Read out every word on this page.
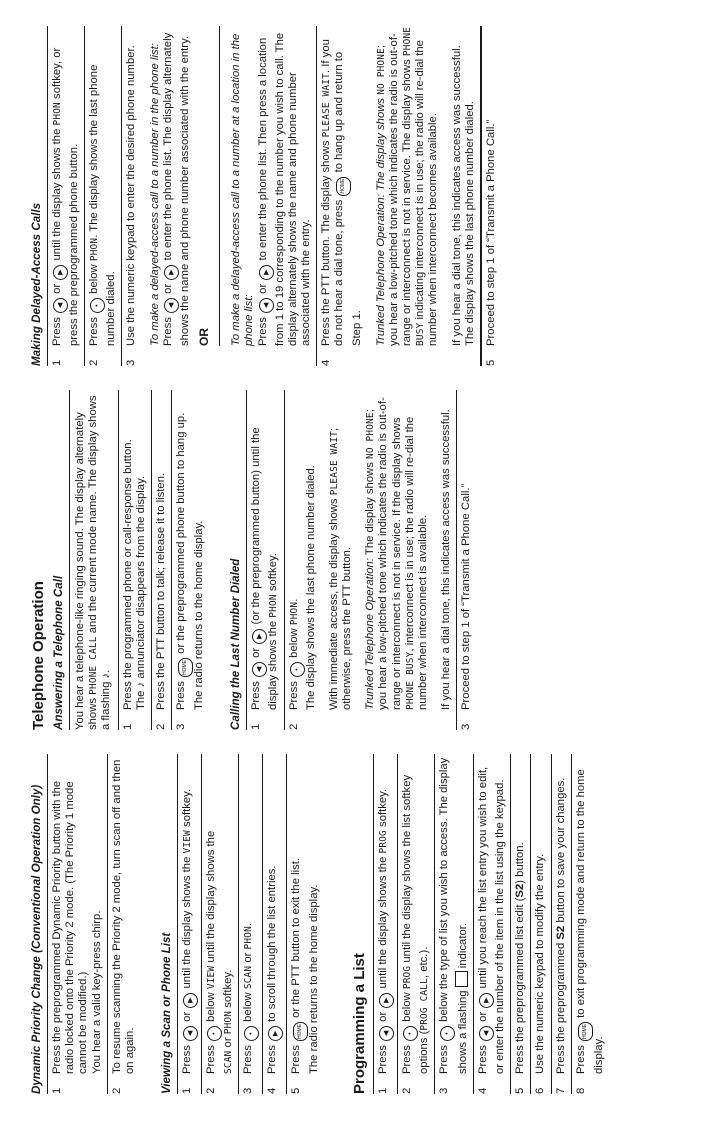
Dynamic Priority Change (Conventional Operation Only) 1
Press the preprogrammed Dynamic Priority button with the radio locked onto the Priority 2 mode. (The Priority 1 mode cannot be modified.)
You hear a valid key-press chirp.
2
To resume scanning the Priority 2 mode, turn scan off and then on again. Viewing a Scan or Phone List 1
Press ◀ or ▶ until the display shows the VIEW softkey.
2
Press • below VIEW until the display shows the
SCAN or PHON softkey.
3
Press • below SCAN or PHON.
4
Press ▶ to scroll through the list entries.
5
Press HOME or the PTT button to exit the list. The radio returns to the home display. Programming a List 1
Press ◀ or ▶ until the display shows the PROG softkey.
2
Press • below PROG until the display shows the list softkey options (PROG CALL, etc.).
3
Press • below the type of list you wish to access. The display shows a flashing  indicator.
4
Press ◀ or ▶ until you reach the list entry you wish to edit, or enter the number of the item in the list using the keypad.
5
Press the preprogrammed list edit (S2) button.
6
Use the numeric keypad to modify the entry.
7
Press the preprogrammed S2 button to save your changes.
8
Press HOME to exit programming mode and return to the home display.
Telephone Operation Answering a Telephone Call You hear a telephone-like ringing sound. The display alternately shows PHONE CALL and the current mode name. The display shows a flashing ♪.
1
Press the programmed phone or call-response button.
The ♪ annunciator disappears from the display.
2
Press the PTT button to talk; release it to listen.
3
Press HOME or the preprogrammed phone button to hang up. The radio returns to the home display. Calling the Last Number Dialed 1
Press ◀ or ▶ (or the preprogrammed button) until the display shows the PHON softkey.
2
Press • below PHON. The display shows the last phone number dialed. With immediate access, the display shows PLEASE WAIT; otherwise, press the PTT button. Trunked Telephone Operation: The display shows NO PHONE; you hear a low-pitched tone which indicates the radio is out-of-range or interconnect is not in service. If the display shows PHONE BUSY, interconnect is in use; the radio will re-dial the number when interconnect is available. If you hear a dial tone, this indicates access was successful.
3
Proceed to step 1 of “Transmit a Phone Call.”
Making Delayed-Access Calls 1
Press ◀ or ▶ until the display shows the PHON softkey, or press the preprogrammed phone button.
2
Press • below PHON. The display shows the last phone number dialed.
3
Use the numeric keypad to enter the desired phone number. To make a delayed-access call to a number in the phone list: Press ◀ or ▶ to enter the phone list. The display alternately shows the name and phone number associated with the entry. OR	To make a delayed-access call to a number at a location in the phone list: Press ◀ or ▶ to enter the phone list. Then press a location from 1 to 19 corresponding to the number you wish to call. The display alternately shows the name and phone number associated with the entry.
4
Press the PTT button. The display shows PLEASE WAIT. If you do not hear a dial tone, press HOME to hang up and return to Step 1. Trunked Telephone Operation: The display shows NO PHONE; you hear a low-pitched tone which indicates the radio is out-of-range or interconnect is not in service. The display shows PHONE BUSY indicating interconnect is in use; the radio will re-dial the number when interconnect becomes available. If you hear a dial tone, this indicates access was successful. The display shows the last phone number dialed.
5
Proceed to step 1 of “Transmit a Phone Call.”
